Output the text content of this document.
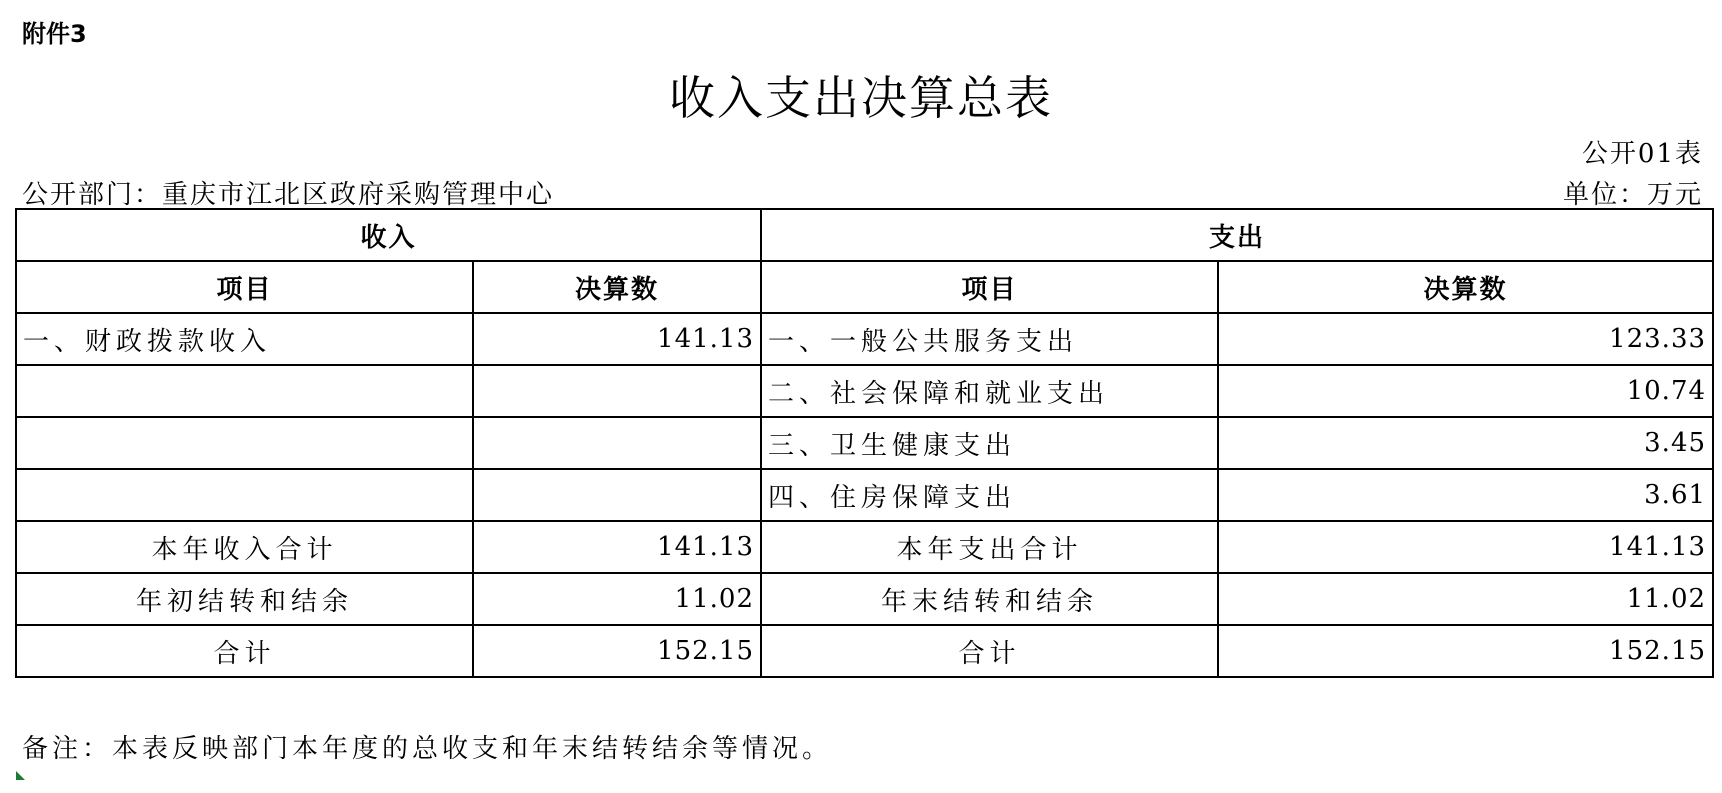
附件3
收入支出决算总表
公开01表
公开部门：重庆市江北区政府采购管理中心	单位：万元
收入		支出	
项目	决算数	项目	决算数
一、财政拨款收入	141.13	一、一般公共服务支出	123.33
		二、社会保障和就业支出	10.74
		三、卫生健康支出	3.45
		四、住房保障支出	3.61
本年收入合计	141.13	本年支出合计	141.13
年初结转和结余	11.02	年末结转和结余	11.02
合计	152.15	合计	152.15
备注：本表反映部门本年度的总收支和年末结转结余等情况。
